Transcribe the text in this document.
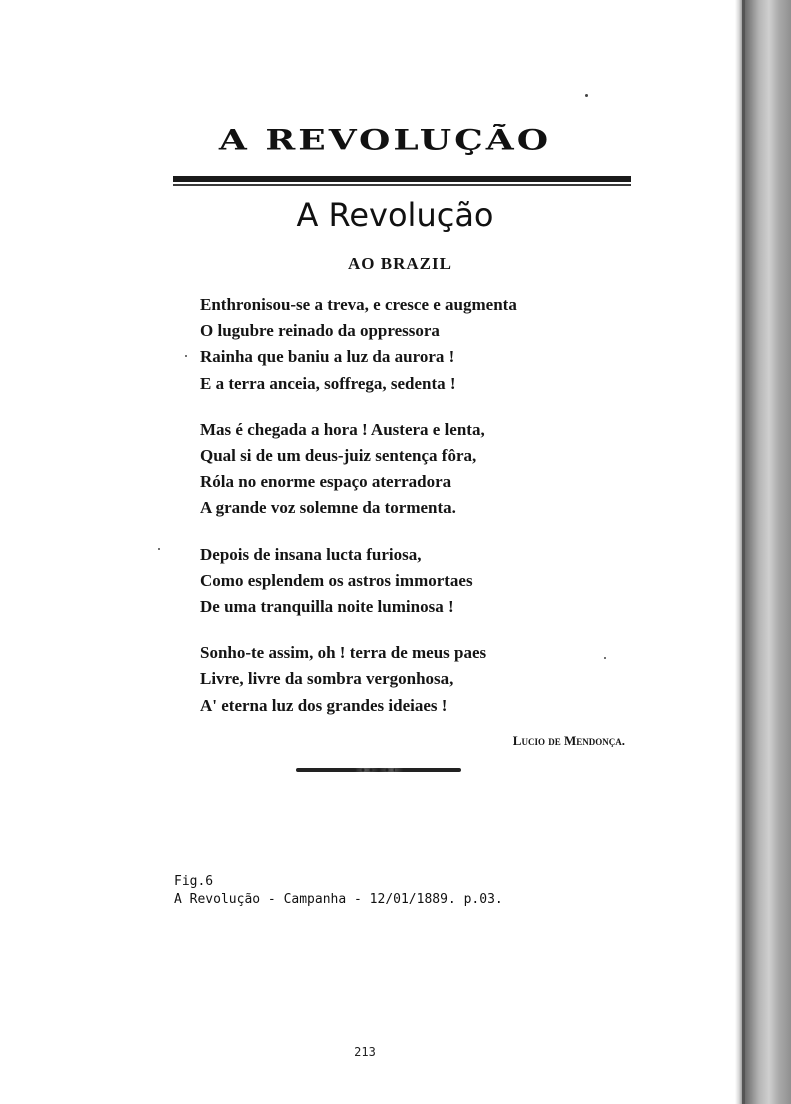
A REVOLUÇÃO
A Revolução
AO BRAZIL
Enthronisou-se a treva, e cresce e augmenta
O lugubre reinado da oppressora
Rainha que baniu a luz da aurora !
E a terra anceia, soffrega, sedenta !
Mas é chegada a hora ! Austera e lenta,
Qual si de um deus-juiz sentença fôra,
Róla no enorme espaço aterradora
A grande voz solemne da tormenta.
Depois de insana lucta furiosa,
Como esplendem os astros immortaes
De uma tranquilla noite luminosa !
Sonho-te assim, oh ! terra de meus paes
Livre, livre da sombra vergonhosa,
A' eterna luz dos grandes ideiaes !
Lucio de Mendonça.
Fig.6
A Revolução - Campanha - 12/01/1889. p.03.
213
